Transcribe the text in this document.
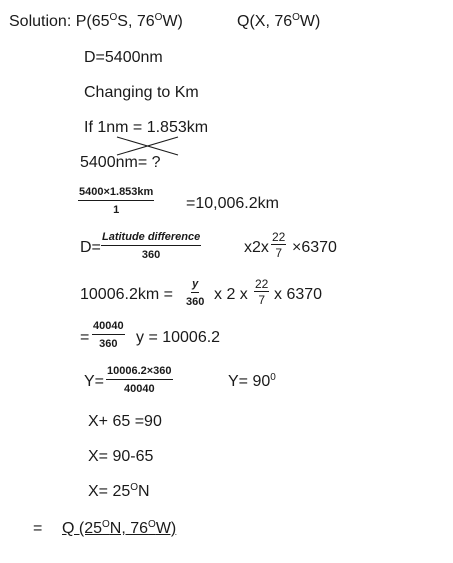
Solution: $P(65^OS$, $76^OW$)	Q(X, $76^OW$)
D=5400nm
Changing to Km
If 1nm = 1.853km
5400nm= ?
$\frac{5400\times 1.853km}{1} =10,006.2km$
D=
Latitude difference
360	$x2x \frac{22}{7} \times 6370$
$10006.2km = \frac{y}{360}$ x 2 x $\frac{22}{7}$ x 6370
= $\frac{40040}{360}$ y = 10006.2
$Y= \frac{10006.2\times 360}{40040}$	$Y= 90^0$
X+ 65 =90
X= 90-65
$X= 25^ON$
= Q ($25^ON$, $76^OW$)
